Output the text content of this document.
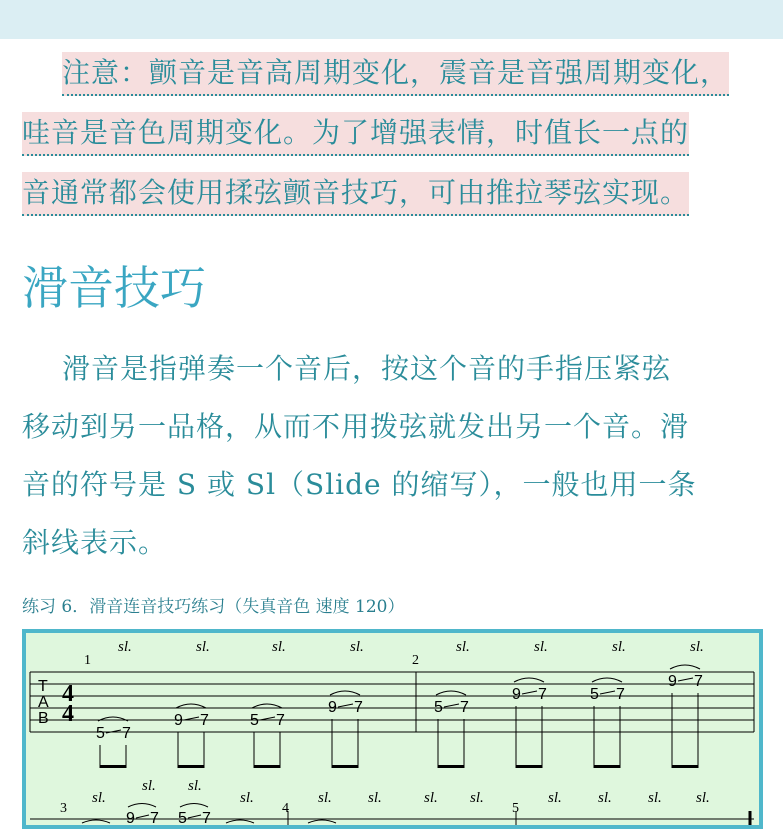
注意：颤音是音高周期变化，震音是音强周期变化，
哇音是音色周期变化。为了增强表情，时值长一点的
音通常都会使用揉弦颤音技巧，可由推拉琴弦实现。
滑音技巧
滑音是指弹奏一个音后，按这个音的手指压紧弦
移动到另一品格，从而不用拨弦就发出另一个音。滑
音的符号是 S 或 Sl（Slide 的缩写），一般也用一条
斜线表示。
练习 6．滑音连音技巧练习（失真音色 速度 120）
T
A
B
4
4
1	2
5 7
sl.
9 7
sl.
5 7
sl.
9 7
sl.
5 7
sl.
9 7
sl.
5 7
sl.
9 7
sl.
3	4	5
sl.
sl. sl.
sl.	sl. sl.	sl. sl.	sl. sl. sl. sl.
9 7 5 7
